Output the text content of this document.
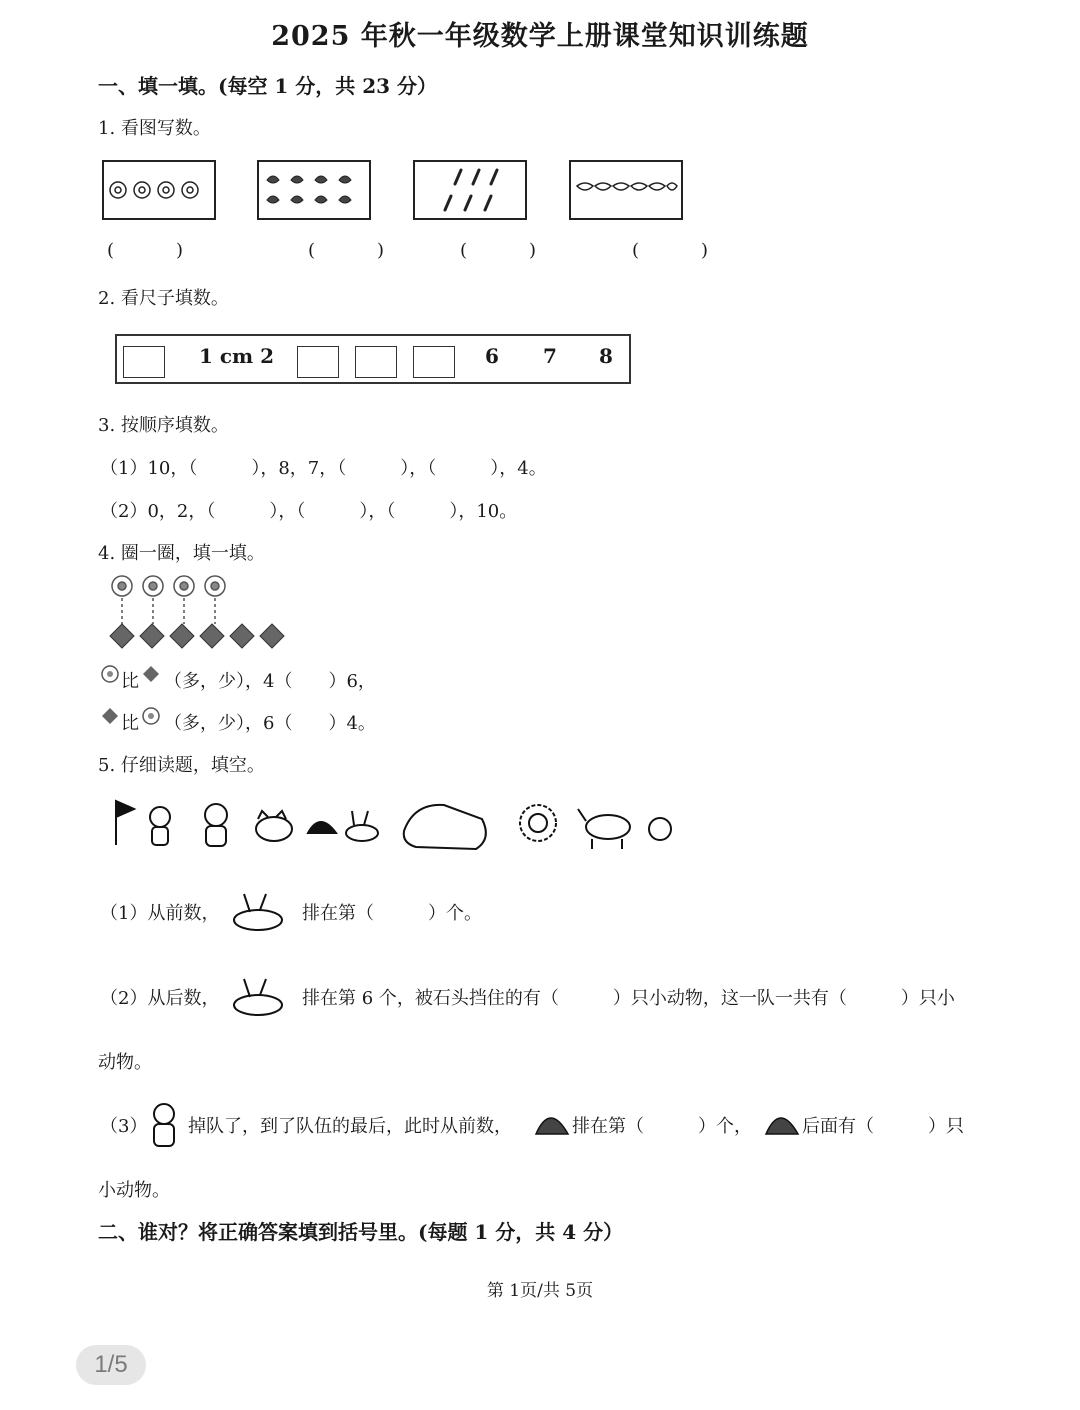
2025 年秋一年级数学上册课堂知识训练题
一、填一填。(每空 1 分，共 23 分）
1. 看图写数。
(	)	(	)	(	)	(	)
2. 看尺子填数。
1 cm 2	6 7 8
3. 按顺序填数。
（1）10，（　　　），8，7，（　　　），（　　　），4。
（2）0，2，（　　　），（　　　），（　　　），10。
4. 圈一圈，填一填。
比 （多，少），4（　　）6，
比 （多，少），6（　　）4。
5. 仔细读题，填空。
（1）从前数，	排在第（　　　）个。
（2）从后数，	排在第 6 个，被石头挡住的有（　　　）只小动物，这一队一共有（　　　）只小
动物。
（3） 掉队了，到了队伍的最后，此时从前数，	排在第（　　　）个，	后面有（　　　）只
小动物。
二、谁对？将正确答案填到括号里。(每题 1 分，共 4 分）
第 1页/共 5页
1/5
